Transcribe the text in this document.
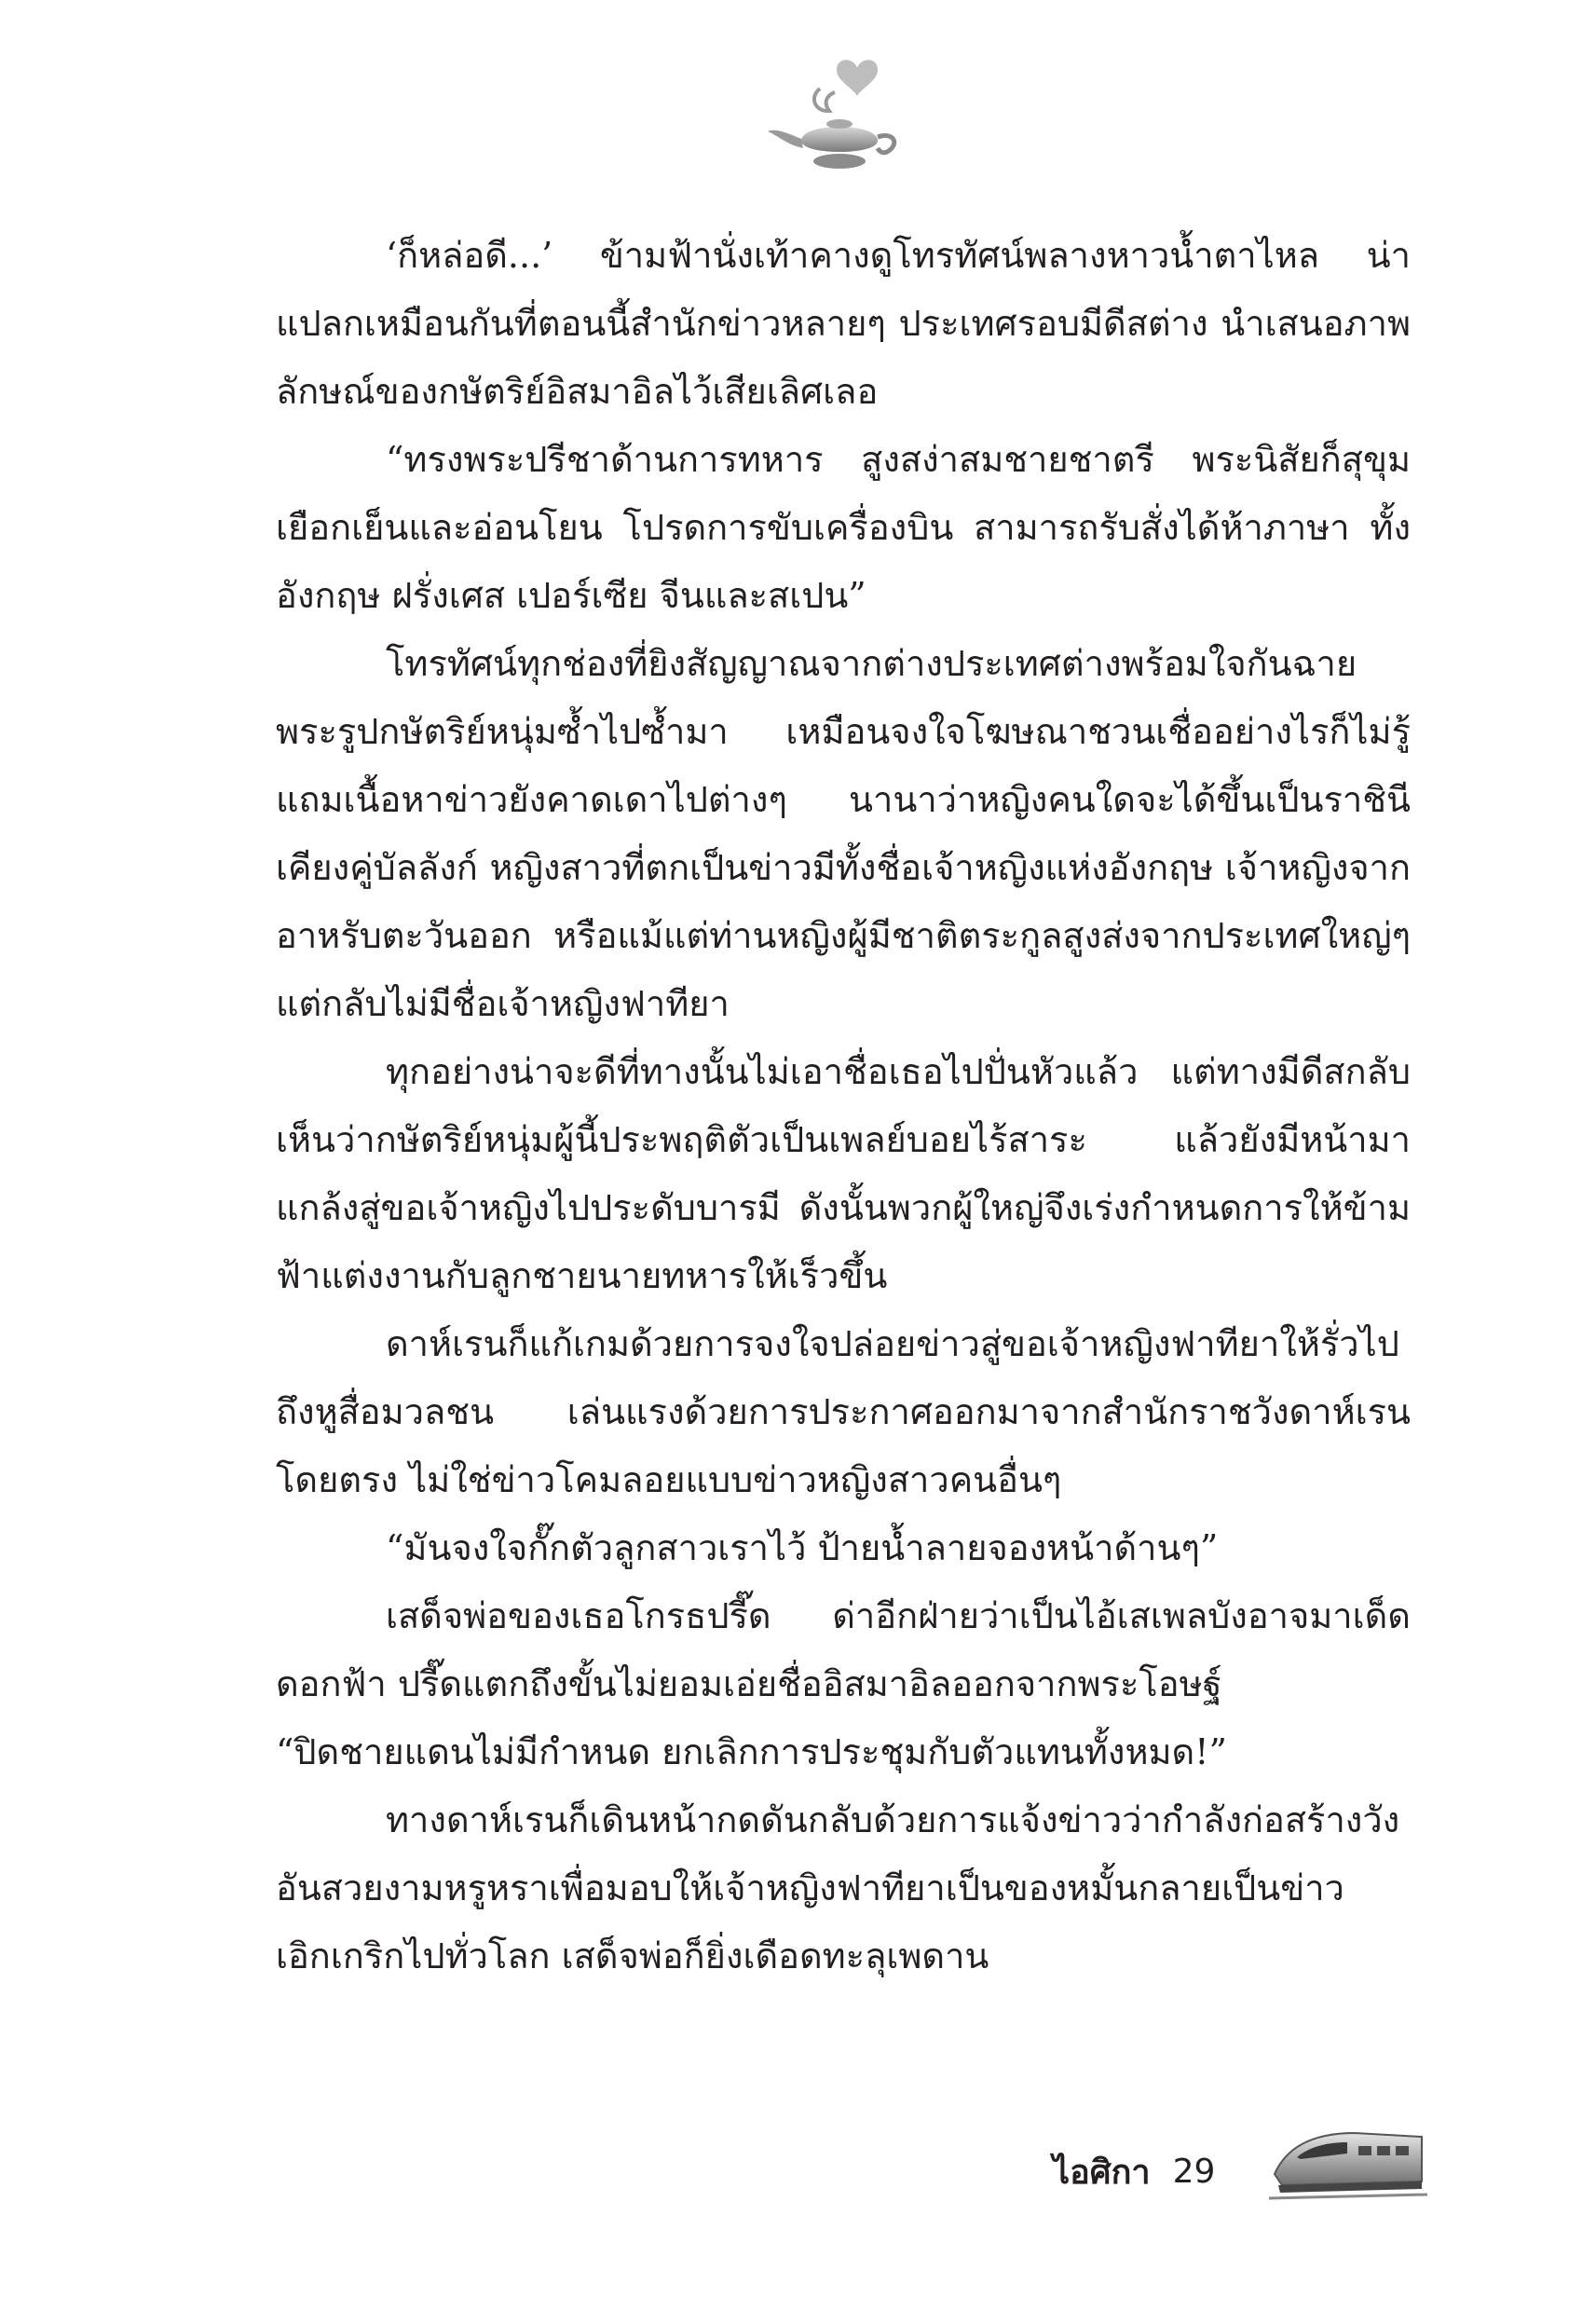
‘ก็หล่อดี...’ ข้ามฟ้านั่งเท้าคางดูโทรทัศน์พลางหาวน้ำตาไหล น่าแปลกเหมือนกันที่ตอนนี้สำนักข่าวหลายๆ ประเทศรอบมีดีสต่าง นำเสนอภาพลักษณ์ของกษัตริย์อิสมาอิลไว้เสียเลิศเลอ

“ทรงพระปรีชาด้านการทหาร สูงสง่าสมชายชาตรี พระนิสัยก็สุขุมเยือกเย็นและอ่อนโยน โปรดการขับเครื่องบิน สามารถรับสั่งได้ห้าภาษา ทั้งอังกฤษ ฝรั่งเศส เปอร์เซีย จีนและสเปน”

โทรทัศน์ทุกช่องที่ยิงสัญญาณจากต่างประเทศต่างพร้อมใจกันฉายพระรูปกษัตริย์หนุ่มซ้ำไปซ้ำมา เหมือนจงใจโฆษณาชวนเชื่ออย่างไรก็ไม่รู้ แถมเนื้อหาข่าวยังคาดเดาไปต่างๆ นานาว่าหญิงคนใดจะได้ขึ้นเป็นราชินีเคียงคู่บัลลังก์ หญิงสาวที่ตกเป็นข่าวมีทั้งชื่อเจ้าหญิงแห่งอังกฤษ เจ้าหญิงจากอาหรับตะวันออก หรือแม้แต่ท่านหญิงผู้มีชาติตระกูลสูงส่งจากประเทศใหญ่ๆ แต่กลับไม่มีชื่อเจ้าหญิงฟาทียา

ทุกอย่างน่าจะดีที่ทางนั้นไม่เอาชื่อเธอไปปั่นหัวแล้ว แต่ทางมีดีสกลับเห็นว่ากษัตริย์หนุ่มผู้นี้ประพฤติตัวเป็นเพลย์บอยไร้สาระ แล้วยังมีหน้ามาแกล้งสู่ขอเจ้าหญิงไปประดับบารมี ดังนั้นพวกผู้ใหญ่จึงเร่งกำหนดการให้ข้ามฟ้าแต่งงานกับลูกชายนายทหารให้เร็วขึ้น

ดาห์เรนก็แก้เกมด้วยการจงใจปล่อยข่าวสู่ขอเจ้าหญิงฟาทียาให้รั่วไปถึงหูสื่อมวลชน เล่นแรงด้วยการประกาศออกมาจากสำนักราชวังดาห์เรนโดยตรง ไม่ใช่ข่าวโคมลอยแบบข่าวหญิงสาวคนอื่นๆ

“มันจงใจกั๊กตัวลูกสาวเราไว้ ป้ายน้ำลายจองหน้าด้านๆ”

เสด็จพ่อของเธอโกรธปรี๊ด ด่าอีกฝ่ายว่าเป็นไอ้เสเพลบังอาจมาเด็ดดอกฟ้า ปรี๊ดแตกถึงขั้นไม่ยอมเอ่ยชื่ออิสมาอิลออกจากพระโอษฐ์

“ปิดชายแดนไม่มีกำหนด ยกเลิกการประชุมกับตัวแทนทั้งหมด!”

ทางดาห์เรนก็เดินหน้ากดดันกลับด้วยการแจ้งข่าวว่ากำลังก่อสร้างวังอันสวยงามหรูหราเพื่อมอบให้เจ้าหญิงฟาทียาเป็นของหมั้นกลายเป็นข่าวเอิกเกริกไปทั่วโลก เสด็จพ่อก็ยิ่งเดือดทะลุเพดาน

ไอศิกา 29
